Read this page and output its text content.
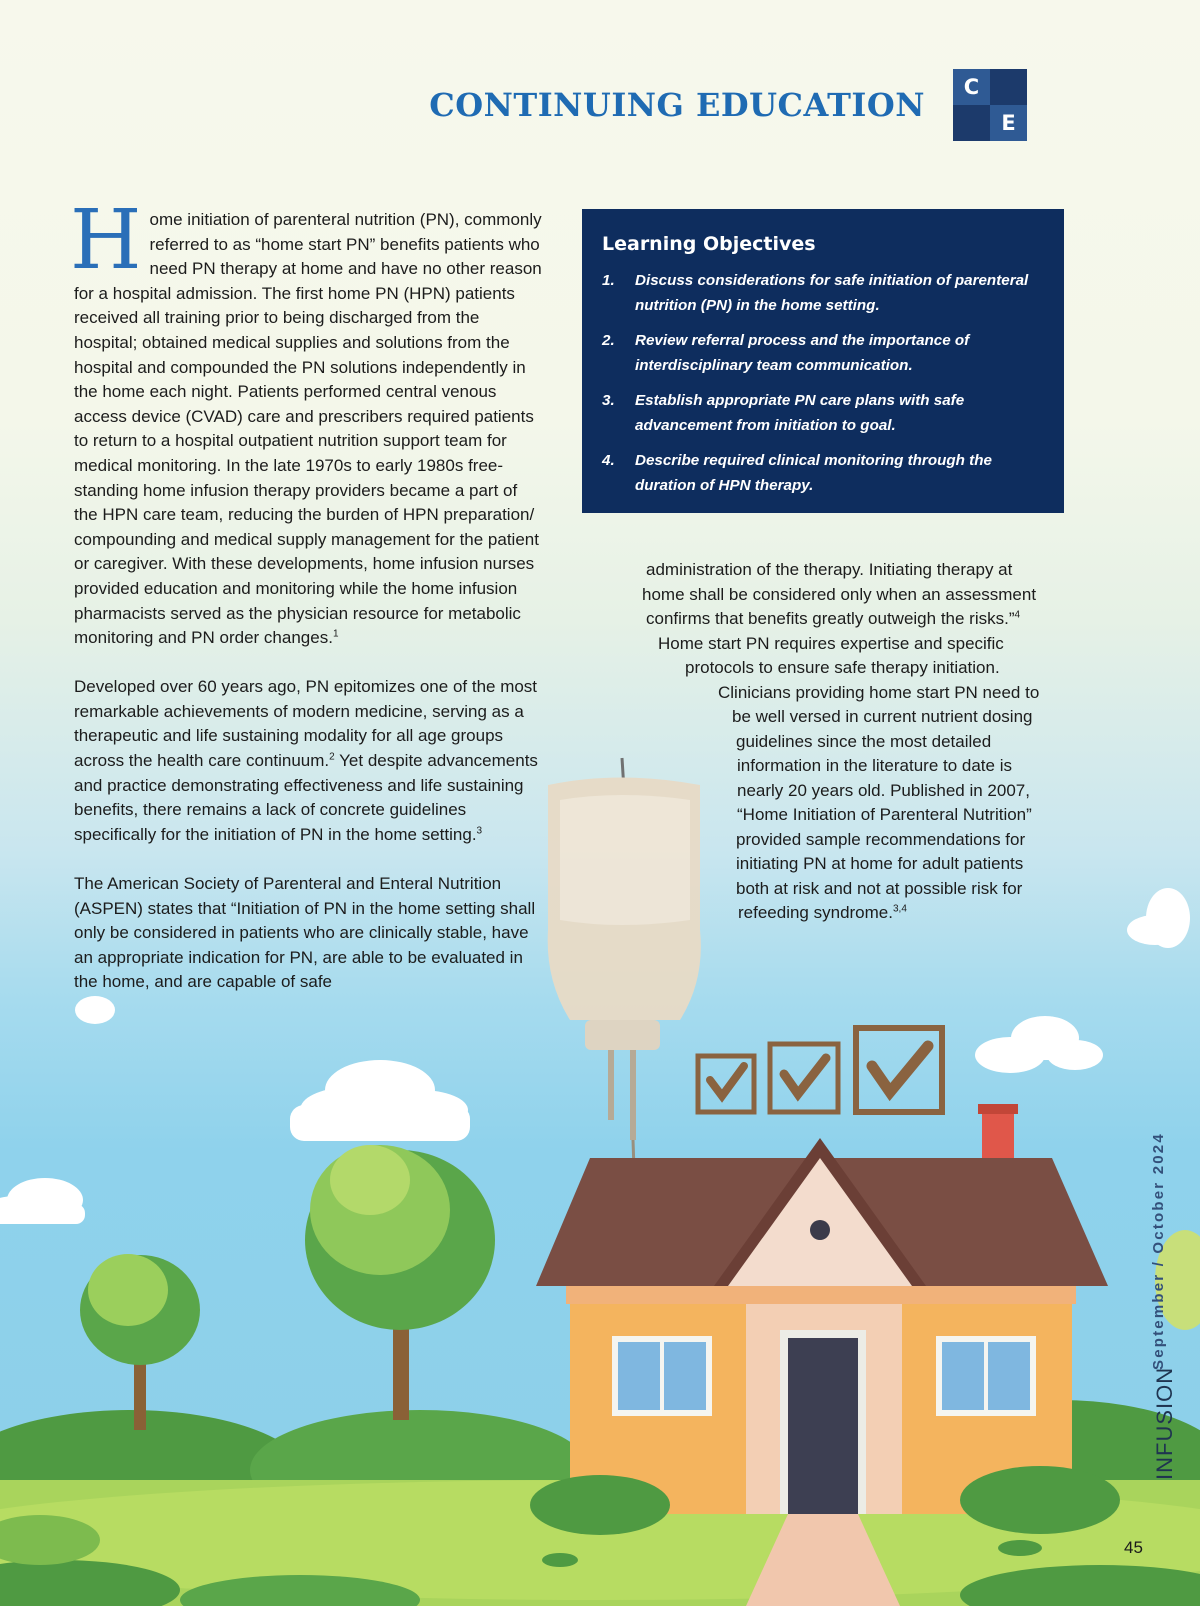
CONTINUING EDUCATION	C
E

Home initiation of parenteral nutrition (PN), commonly referred to as “home start PN” benefits patients who need PN therapy at home and have no other reason for a hospital admission. The first home PN (HPN) patients received all training prior to being discharged from the hospital; obtained medical supplies and solutions from the hospital and compounded the PN solutions independently in the home each night. Patients performed central venous access device (CVAD) care and prescribers required patients to return to a hospital outpatient nutrition support team for medical monitoring. In the late 1970s to early 1980s free-standing home infusion therapy providers became a part of the HPN care team, reducing the burden of HPN preparation/ compounding and medical supply management for the patient or caregiver. With these developments, home infusion nurses provided education and monitoring while the home infusion pharmacists served as the physician resource for metabolic monitoring and PN order changes.$^1$

Developed over 60 years ago, PN epitomizes one of the most remarkable achievements of modern medicine, serving as a therapeutic and life sustaining modality for all age groups across the health care continuum.$^2$ Yet despite advancements and practice demonstrating effectiveness and life sustaining benefits, there remains a lack of concrete guidelines specifically for the initiation of PN in the home setting.$^3$

The American Society of Parenteral and Enteral Nutrition (ASPEN) states that “Initiation of PN in the home setting shall only be considered in patients who are clinically stable, have an appropriate indication for PN, are able to be evaluated in the home, and are capable of safe

Learning Objectives
1.	Discuss considerations for safe initiation of parenteral nutrition (PN) in the home setting.
2.	Review referral process and the importance of interdisciplinary team communication.
3.	Establish appropriate PN care plans with safe advancement from initiation to goal.
4.	Describe required clinical monitoring through the duration of HPN therapy.
administration of the therapy. Initiating therapy at
home shall be considered only when an assessment
confirms that benefits greatly outweigh the risks.”$^4$
Home start PN requires expertise and specific
protocols to ensure safe therapy initiation.
Clinicians providing home start PN need to
be well versed in current nutrient dosing
guidelines since the most detailed
information in the literature to date is
nearly 20 years old. Published in 2007,
“Home Initiation of Parenteral Nutrition”
provided sample recommendations for
initiating PN at home for adult patients
both at risk and not at possible risk for
refeeding syndrome.$^{3,4}$
September / October 2024
INFUSION
45
